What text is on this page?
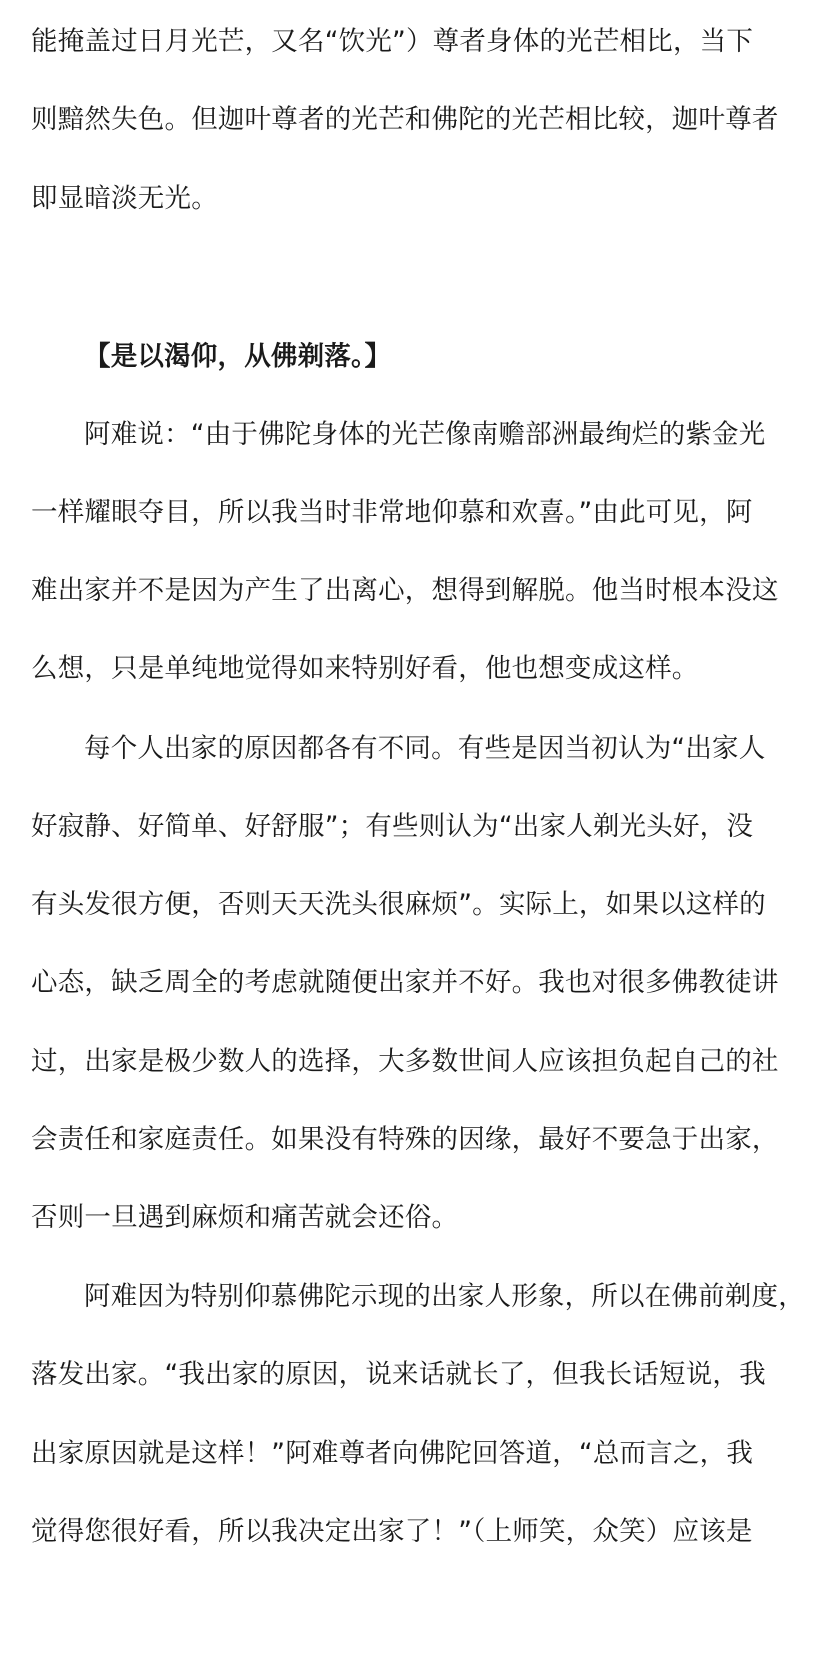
能掩盖过日月光芒，又名“饮光”）尊者身体的光芒相比，当下
则黯然失色。但迦叶尊者的光芒和佛陀的光芒相比较，迦叶尊者
即显暗淡无光。
【是以渴仰，从佛剃落。】
阿难说：“由于佛陀身体的光芒像南赡部洲最绚烂的紫金光
一样耀眼夺目，所以我当时非常地仰慕和欢喜。”由此可见，阿
难出家并不是因为产生了出离心，想得到解脱。他当时根本没这
么想，只是单纯地觉得如来特别好看，他也想变成这样。
每个人出家的原因都各有不同。有些是因当初认为“出家人
好寂静、好简单、好舒服”；有些则认为“出家人剃光头好，没
有头发很方便，否则天天洗头很麻烦”。实际上，如果以这样的
心态，缺乏周全的考虑就随便出家并不好。我也对很多佛教徒讲
过，出家是极少数人的选择，大多数世间人应该担负起自己的社
会责任和家庭责任。如果没有特殊的因缘，最好不要急于出家，
否则一旦遇到麻烦和痛苦就会还俗。
阿难因为特别仰慕佛陀示现的出家人形象，所以在佛前剃度，
落发出家。“我出家的原因，说来话就长了，但我长话短说，我
出家原因就是这样！”阿难尊者向佛陀回答道，“总而言之，我
觉得您很好看，所以我决定出家了！”（上师笑，众笑）应该是
